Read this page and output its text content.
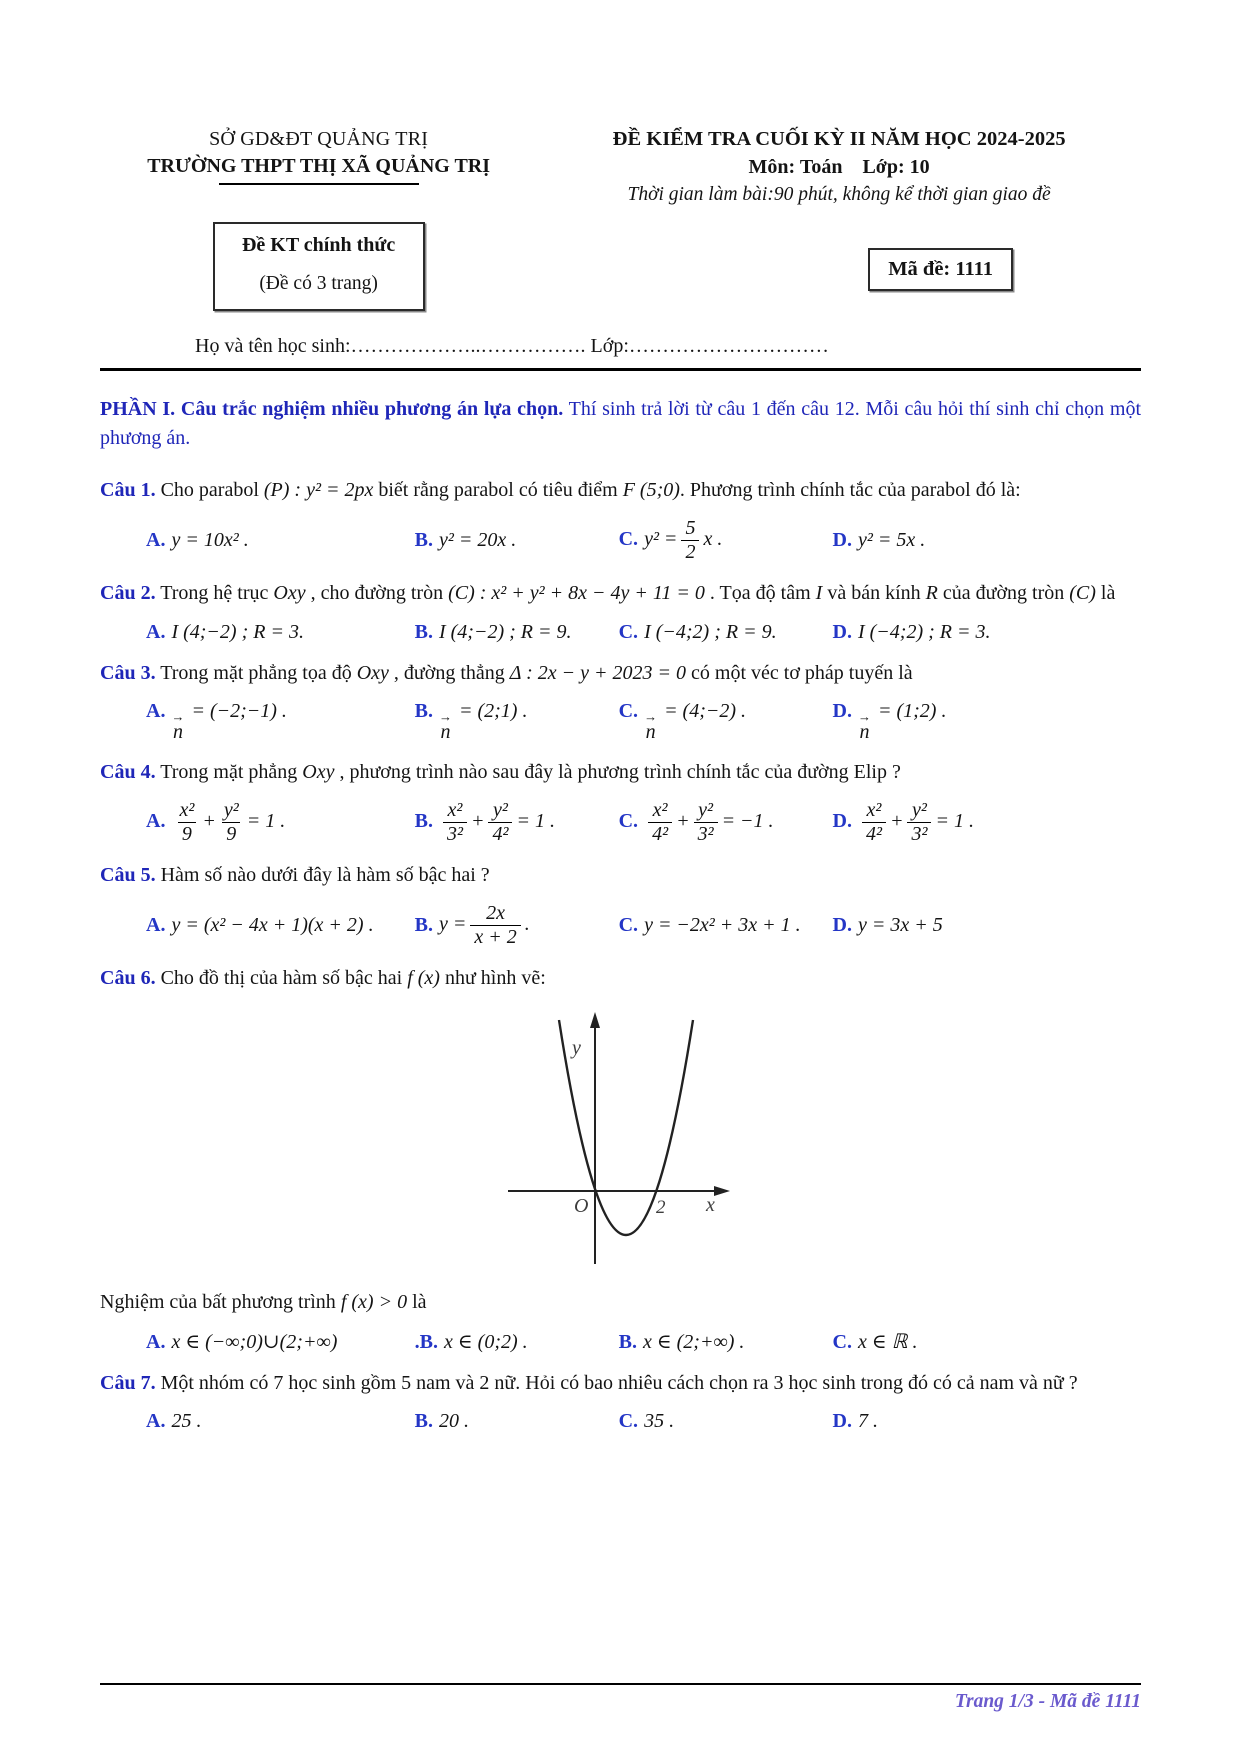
SỞ GD&ĐT QUẢNG TRỊ
TRƯỜNG THPT THỊ XÃ QUẢNG TRỊ
ĐỀ KIỂM TRA CUỐI KỲ II NĂM HỌC 2024-2025
Môn: Toán    Lớp: 10
Thời gian làm bài:90 phút, không kể thời gian giao đề
Đề KT chính thức
(Đề có 3 trang)
Mã đề: 1111
Họ và tên học sinh:………………..……………. Lớp:…………………………

PHẦN I. Câu trắc nghiệm nhiều phương án lựa chọn. Thí sinh trả lời từ câu 1 đến câu 12. Mỗi câu hỏi thí sinh chỉ chọn một phương án.

Câu 1. Cho parabol (P) : y² = 2px biết rằng parabol có tiêu điểm F (5;0). Phương trình chính tắc của parabol đó là:

A. y = 10x² .	B. y² = 20x .	C. $y^2 = \frac{5}{2}$ x .	D. y² = 5x .

Câu 2. Trong hệ trục Oxy , cho đường tròn (C) : x² + y² + 8x − 4y + 11 = 0 . Tọa độ tâm I và bán kính R của đường tròn (C) là

A. I (4;−2) ; R = 3.	B. I (4;−2) ; R = 9.	C. I (−4;2) ; R = 9.	D. I (−4;2) ; R = 3.

Câu 3. Trong mặt phẳng tọa độ Oxy , đường thẳng Δ : 2x − y + 2023 = 0 có một véc tơ pháp tuyến là

A. →
n
= (−2;−1) .	B. →
n
= (2;1) .	C. →
n
= (4;−2) .	D. →
n
= (1;2) .

Câu 4. Trong mặt phẳng Oxy , phương trình nào sau đây là phương trình chính tắc của đường Elip ?

A. $\frac{\text{x²}}{9} + \frac{\text{y²}}{9} = 1$ .	B. $\frac{\text{x²}}{\text{3²}} + \frac{\text{y²}}{\text{4²}} = 1$ .	C. $\frac{\text{x²}}{\text{4²}} + \frac{\text{y²}}{\text{3²}} = -1$ .	D. $\frac{\text{x²}}{\text{4²}} + \frac{\text{y²}}{\text{3²}} = 1$ .

Câu 5. Hàm số nào dưới đây là hàm số bậc hai ?

A. y = (x² − 4x + 1)(x + 2) .	B. $y = \frac{2x}{x + 2}$ .	C. y = −2x² + 3x + 1 .	D. y = 3x + 5

Câu 6. Cho đồ thị của hàm số bậc hai f (x) như hình vẽ:

y
O	2 x

Nghiệm của bất phương trình f (x) > 0 là

A. x ∈ (−∞;0)∪(2;+∞)	.B. x ∈ (0;2) .	B. x ∈ (2;+∞) .	C. x ∈ ℝ .

Câu 7. Một nhóm có 7 học sinh gồm 5 nam và 2 nữ. Hỏi có bao nhiêu cách chọn ra 3 học sinh trong đó có cả nam và nữ ?

A. 25 .	B. 20 .	C. 35 .	D. 7 .
Trang 1/3 - Mã đề 1111
